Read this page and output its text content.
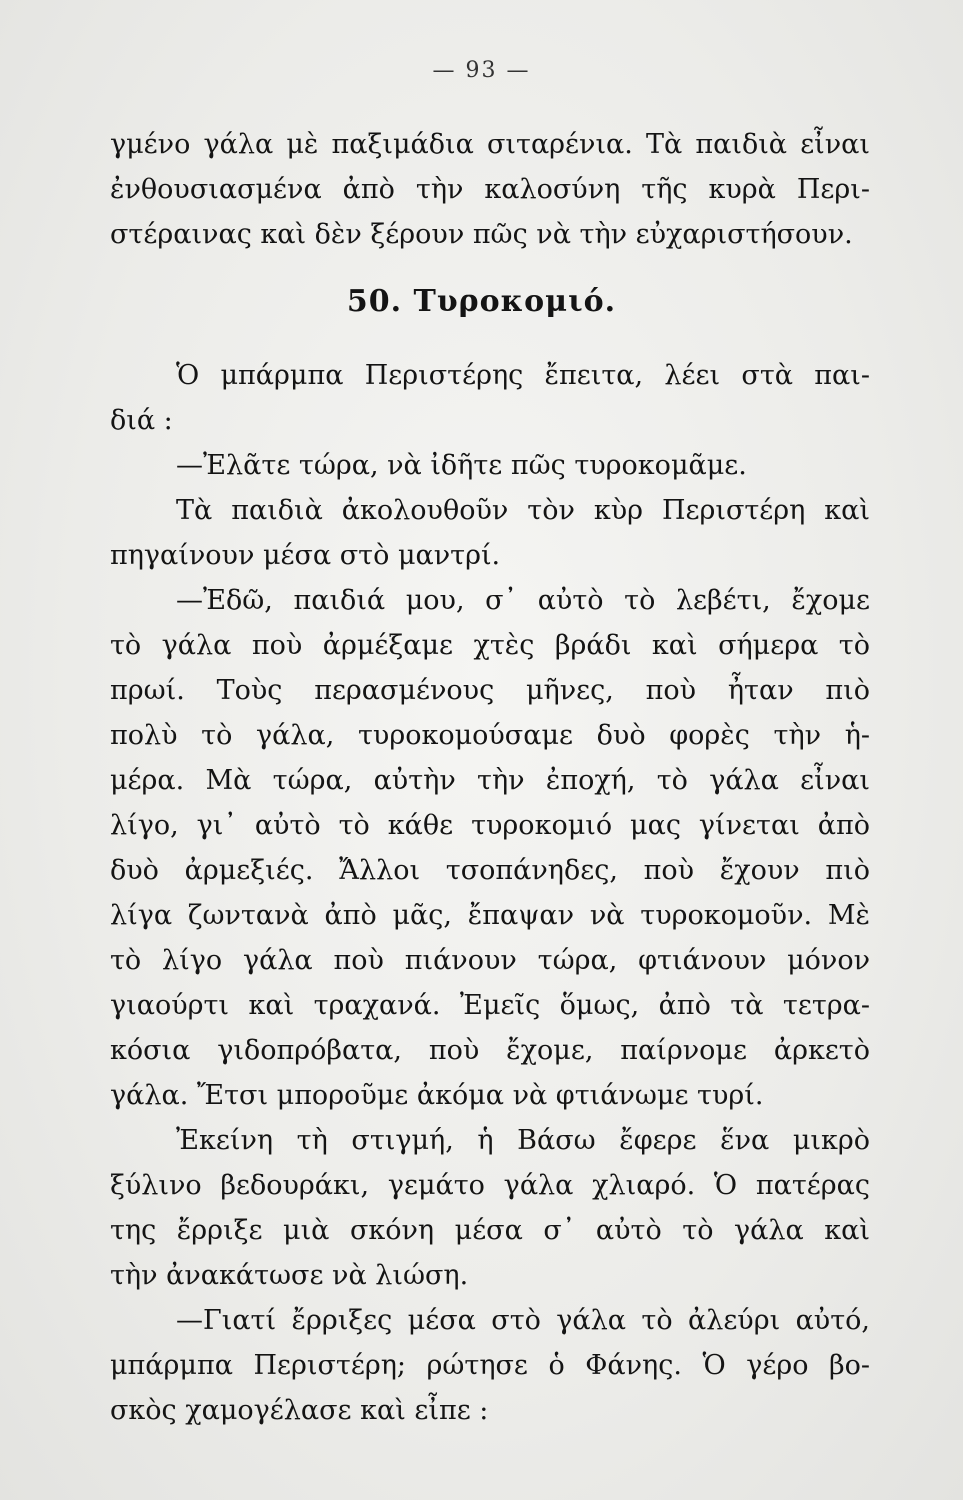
— 93 —
γμένο γάλα μὲ παξιμάδια σιταρένια. Τὰ παιδιὰ εἶναι
ἐνθουσιασμένα ἀπὸ τὴν καλοσύνη τῆς κυρὰ Περι-
στέραινας καὶ δὲν ξέρουν πῶς νὰ τὴν εὐχαριστήσουν.
50. Τυροκομιό.
Ὁ μπάρμπα Περιστέρης ἔπειτα, λέει στὰ παι-
διά :
—Ἐλᾶτε τώρα, νὰ ἰδῆτε πῶς τυροκομᾶμε.
Τὰ παιδιὰ ἀκολουθοῦν τὸν κὺρ Περιστέρη καὶ
πηγαίνουν μέσα στὸ μαντρί.
—Ἐδῶ, παιδιά μου, σ᾿ αὐτὸ τὸ λεβέτι, ἔχομε
τὸ γάλα ποὺ ἀρμέξαμε χτὲς βράδι καὶ σήμερα τὸ
πρωί. Τοὺς περασμένους μῆνες, ποὺ ἦταν πιὸ
πολὺ τὸ γάλα, τυροκομούσαμε δυὸ φορὲς τὴν ἡ-
μέρα. Μὰ τώρα, αὐτὴν τὴν ἐποχή, τὸ γάλα εἶναι
λίγο, γι᾿ αὐτὸ τὸ κάθε τυροκομιό μας γίνεται ἀπὸ
δυὸ ἀρμεξιές. Ἄλλοι τσοπάνηδες, ποὺ ἔχουν πιὸ
λίγα ζωντανὰ ἀπὸ μᾶς, ἔπαψαν νὰ τυροκομοῦν. Μὲ
τὸ λίγο γάλα ποὺ πιάνουν τώρα, φτιάνουν μόνον
γιαούρτι καὶ τραχανά. Ἐμεῖς ὅμως, ἀπὸ τὰ τετρα-
κόσια γιδοπρόβατα, ποὺ ἔχομε, παίρνομε ἀρκετὸ
γάλα. Ἔτσι μποροῦμε ἀκόμα νὰ φτιάνωμε τυρί.
Ἐκείνη τὴ στιγμή, ἡ Βάσω ἔφερε ἕνα μικρὸ
ξύλινο βεδουράκι, γεμάτο γάλα χλιαρό. Ὁ πατέρας
της ἔρριξε μιὰ σκόνη μέσα σ᾿ αὐτὸ τὸ γάλα καὶ
τὴν ἀνακάτωσε νὰ λιώση.
—Γιατί ἔρριξες μέσα στὸ γάλα τὸ ἀλεύρι αὐτό,
μπάρμπα Περιστέρη; ρώτησε ὁ Φάνης. Ὁ γέρο βο-
σκὸς χαμογέλασε καὶ εἶπε :
